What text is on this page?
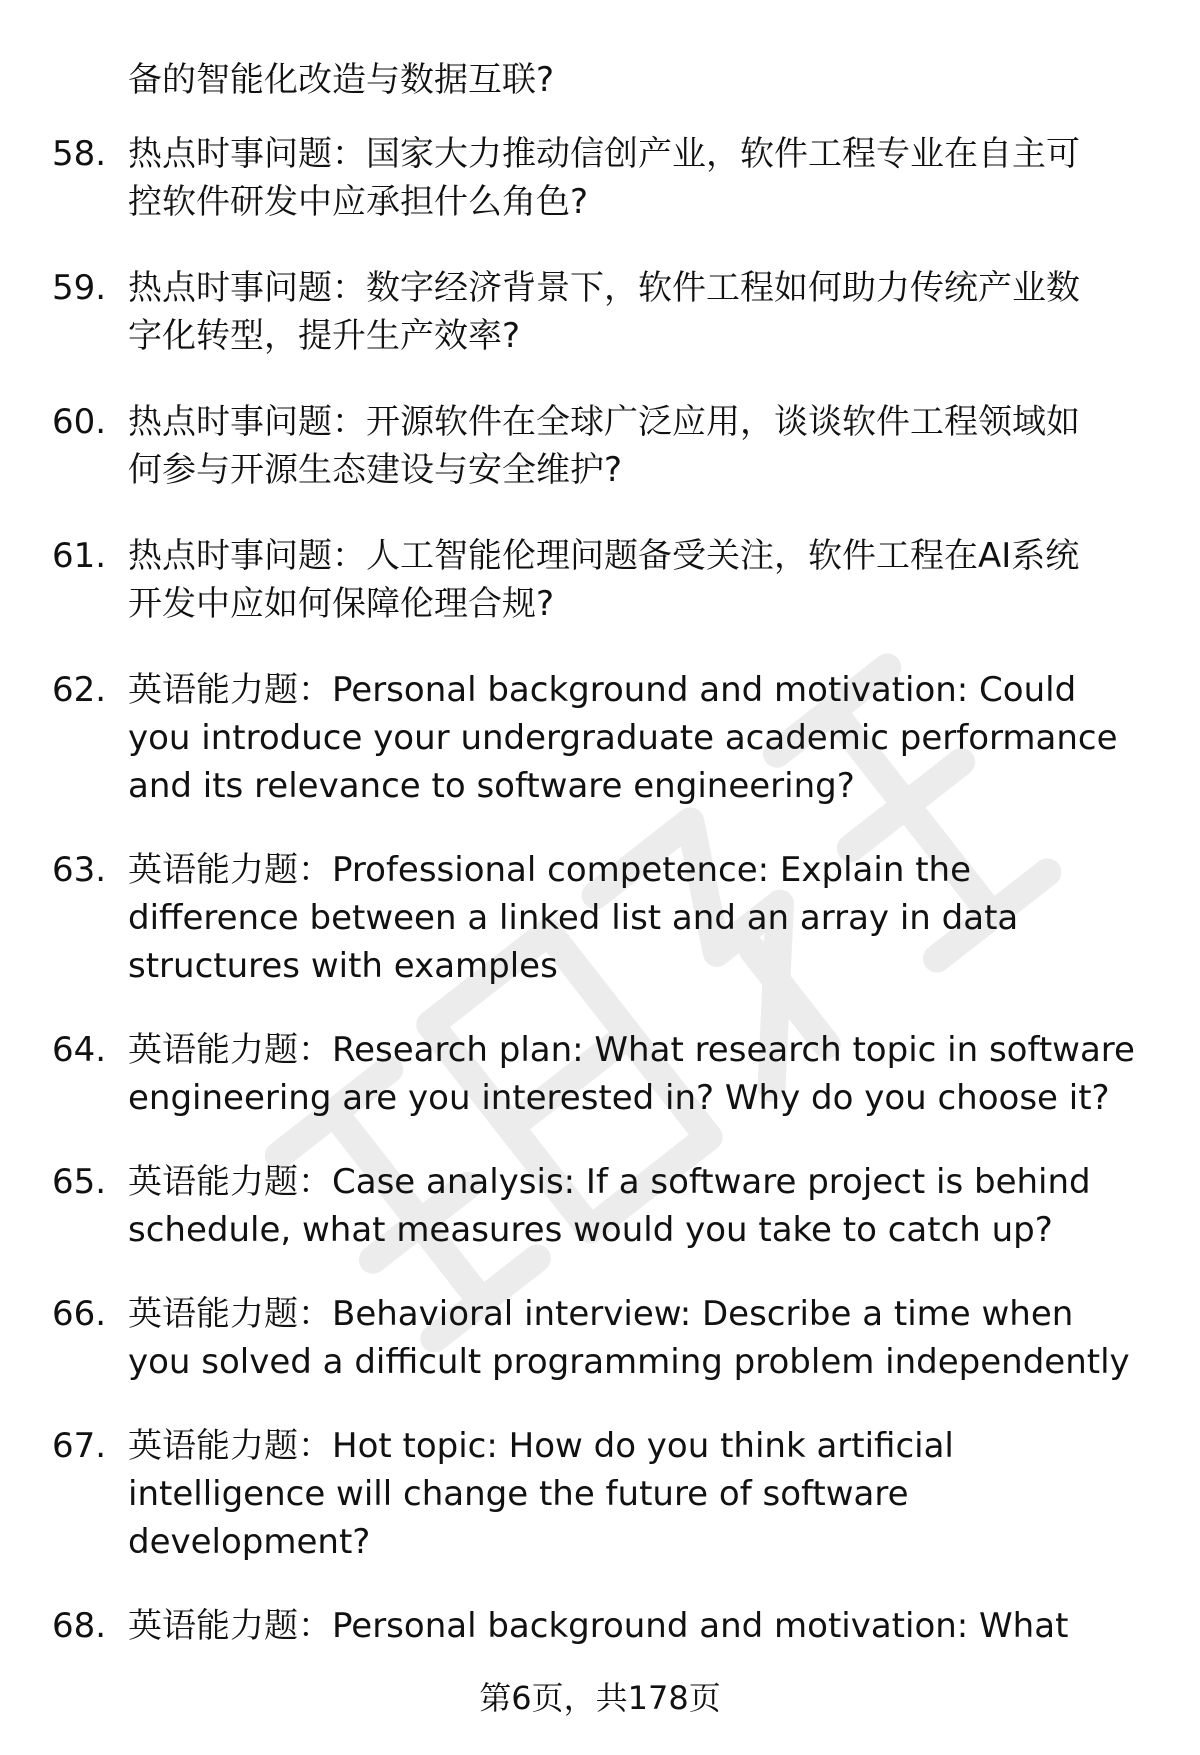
备的智能化改造与数据互联?
58. 热点时事问题：国家大力推动信创产业，软件工程专业在自主可
控软件研发中应承担什么角色?
59. 热点时事问题：数字经济背景下，软件工程如何助力传统产业数
字化转型，提升生产效率?
60. 热点时事问题：开源软件在全球广泛应用，谈谈软件工程领域如
何参与开源生态建设与安全维护?
61. 热点时事问题：人工智能伦理问题备受关注，软件工程在AI系统
开发中应如何保障伦理合规?
62. 英语能力题：Personal background and motivation: Could
you introduce your undergraduate academic performance
and its relevance to software engineering?
63. 英语能力题：Professional competence: Explain the
difference between a linked list and an array in data
structures with examples
64. 英语能力题：Research plan: What research topic in software
engineering are you interested in? Why do you choose it?
65. 英语能力题：Case analysis: If a software project is behind
schedule, what measures would you take to catch up?
66. 英语能力题：Behavioral interview: Describe a time when
you solved a difficult programming problem independently
67. 英语能力题：Hot topic: How do you think artificial
intelligence will change the future of software
development?
68. 英语能力题：Personal background and motivation: What
第6页，共178页
